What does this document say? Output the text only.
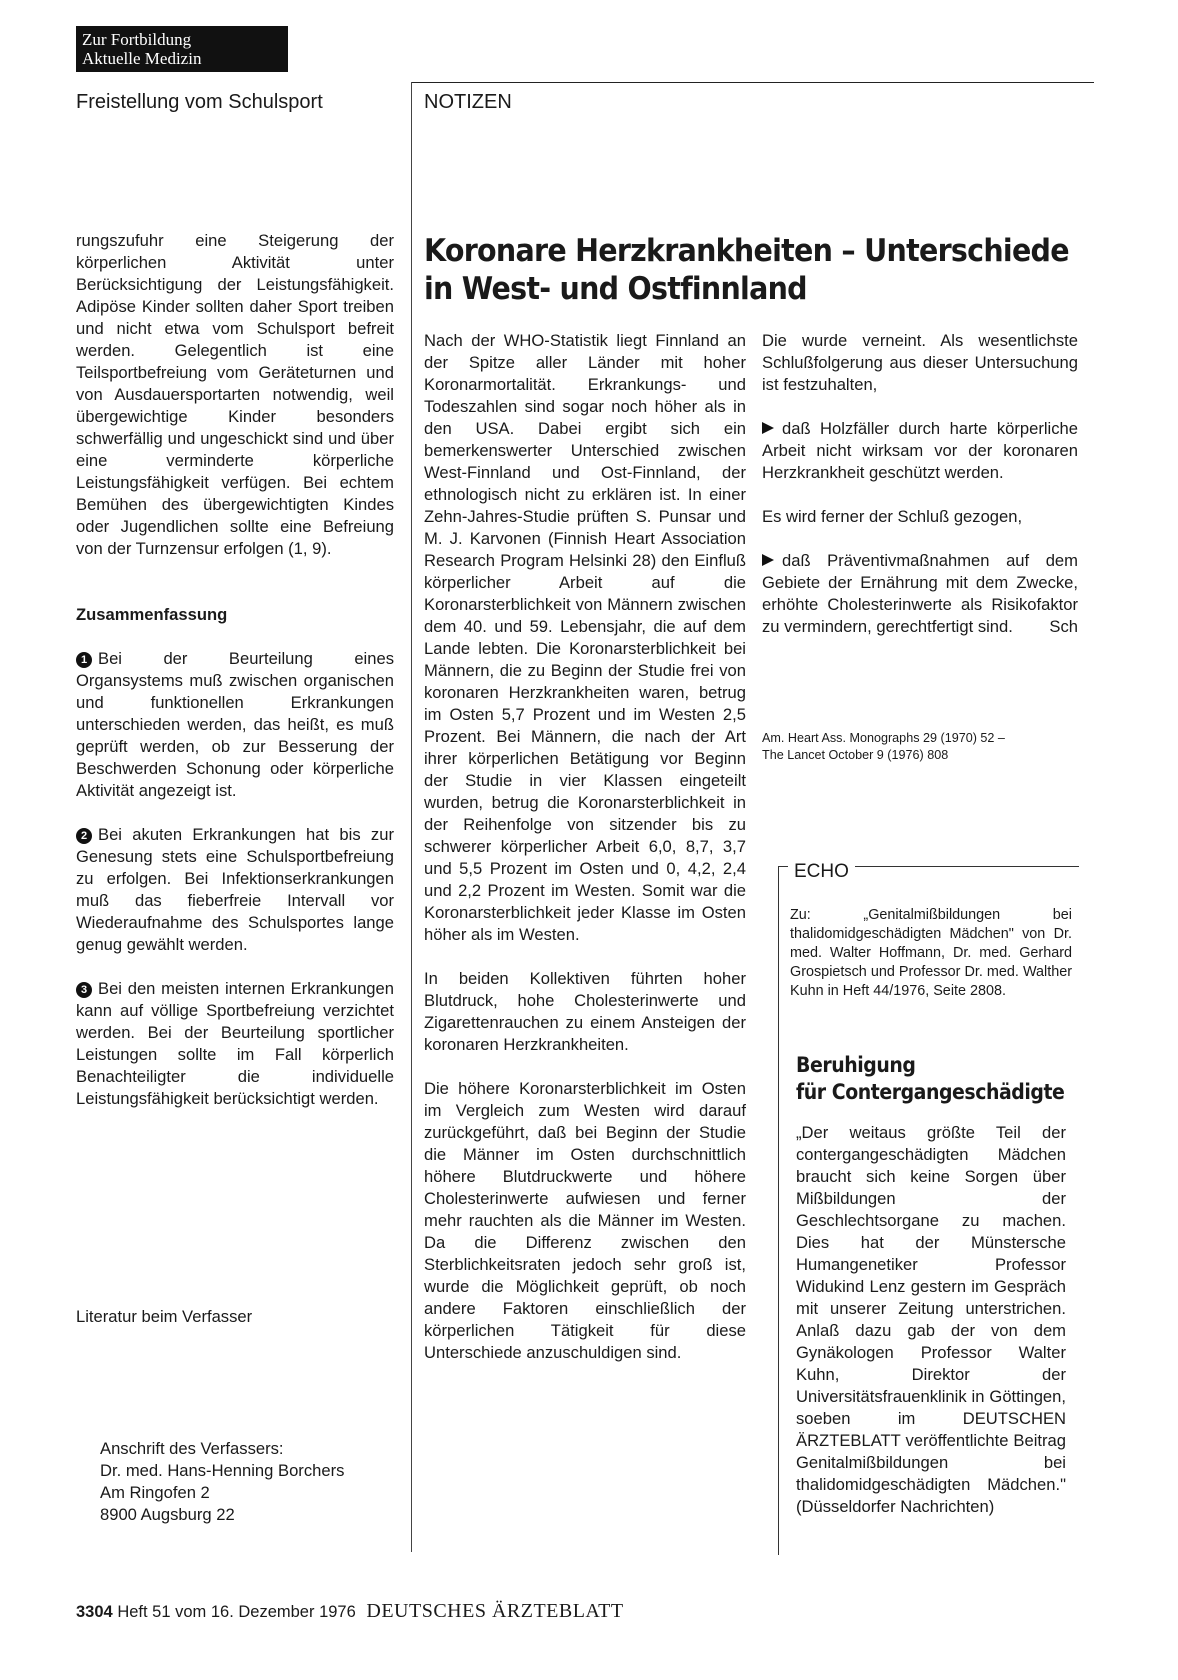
Zur Fortbildung
Aktuelle Medizin
Freistellung vom Schulsport	NOTIZEN

rungszufuhr eine Steigerung der körperlichen Aktivität unter Berücksichtigung der Leistungsfähigkeit. Adipöse Kinder sollten daher Sport treiben und nicht etwa vom Schulsport befreit werden. Gelegentlich ist eine Teilsportbefreiung vom Geräteturnen und von Ausdauersportarten notwendig, weil übergewichtige Kinder besonders schwerfällig und ungeschickt sind und über eine verminderte körperliche Leistungsfähigkeit verfügen. Bei echtem Bemühen des übergewichtigten Kindes oder Jugendlichen sollte eine Befreiung von der Turnzensur erfolgen (1, 9).

Zusammenfassung

1 Bei der Beurteilung eines Organsystems muß zwischen organischen und funktionellen Erkrankungen unterschieden werden, das heißt, es muß geprüft werden, ob zur Besserung der Beschwerden Schonung oder körperliche Aktivität angezeigt ist.

2 Bei akuten Erkrankungen hat bis zur Genesung stets eine Schulsportbefreiung zu erfolgen. Bei Infektionserkrankungen muß das fieberfreie Intervall vor Wiederaufnahme des Schulsportes lange genug gewählt werden.

3 Bei den meisten internen Erkrankungen kann auf völlige Sportbefreiung verzichtet werden. Bei der Beurteilung sportlicher Leistungen sollte im Fall körperlich Benachteiligter die individuelle Leistungsfähigkeit berücksichtigt werden.

Literatur beim Verfasser

Anschrift des Verfassers:

Dr. med. Hans-Henning Borchers

Am Ringofen 2

8900 Augsburg 22

Koronare Herzkrankheiten – Unterschiede
in West- und Ostfinnland

Nach der WHO-Statistik liegt Finnland an der Spitze aller Länder mit hoher Koronarmortalität. Erkrankungs- und Todeszahlen sind sogar noch höher als in den USA. Dabei ergibt sich ein bemerkenswerter Unterschied zwischen West-Finnland und Ost-Finnland, der ethnologisch nicht zu erklären ist. In einer Zehn-Jahres-Studie prüften S. Punsar und M. J. Karvonen (Finnish Heart Association Research Program Helsinki 28) den Einfluß körperlicher Arbeit auf die Koronarsterblichkeit von Männern zwischen dem 40. und 59. Lebensjahr, die auf dem Lande lebten. Die Koronarsterblichkeit bei Männern, die zu Beginn der Studie frei von koronaren Herzkrankheiten waren, betrug im Osten 5,7 Prozent und im Westen 2,5 Prozent. Bei Männern, die nach der Art ihrer körperlichen Betätigung vor Beginn der Studie in vier Klassen eingeteilt wurden, betrug die Koronarsterblichkeit in der Reihenfolge von sitzender bis zu schwerer körperlicher Arbeit 6,0, 8,7, 3,7 und 5,5 Prozent im Osten und 0, 4,2, 2,4 und 2,2 Prozent im Westen. Somit war die Koronarsterblichkeit jeder Klasse im Osten höher als im Westen.

In beiden Kollektiven führten hoher Blutdruck, hohe Cholesterinwerte und Zigarettenrauchen zu einem Ansteigen der koronaren Herzkrankheiten.

Die höhere Koronarsterblichkeit im Osten im Vergleich zum Westen wird darauf zurückgeführt, daß bei Beginn der Studie die Männer im Osten durchschnittlich höhere Blutdruckwerte und höhere Cholesterinwerte aufwiesen und ferner mehr rauchten als die Männer im Westen. Da die Differenz zwischen den Sterblichkeitsraten jedoch sehr groß ist, wurde die Möglichkeit geprüft, ob noch andere Faktoren einschließlich der körperlichen Tätigkeit für diese Unterschiede anzuschuldigen sind.

Die wurde verneint. Als wesentlichste Schlußfolgerung aus dieser Untersuchung ist festzuhalten,

daß Holzfäller durch harte körperliche Arbeit nicht wirksam vor der koronaren Herzkrankheit geschützt werden.

Es wird ferner der Schluß gezogen,

daß Präventivmaßnahmen auf dem Gebiete der Ernährung mit dem Zwecke, erhöhte Cholesterinwerte als Risikofaktor zu vermindern, gerechtfertigt sind. Sch

Am. Heart Ass. Monographs 29 (1970) 52 –
The Lancet October 9 (1976) 808
ECHO
Zu: „Genitalmißbildungen bei thalidomidgeschädigten Mädchen" von Dr. med. Walter Hoffmann, Dr. med. Gerhard Grospietsch und Professor Dr. med. Walther Kuhn in Heft 44/1976, Seite 2808.
Beruhigung
für Contergangeschädigte
„Der weitaus größte Teil der contergangeschädigten Mädchen braucht sich keine Sorgen über Mißbildungen der Geschlechtsorgane zu machen. Dies hat der Münstersche Humangenetiker Professor Widukind Lenz gestern im Gespräch mit unserer Zeitung unterstrichen. Anlaß dazu gab der von dem Gynäkologen Professor Walter Kuhn, Direktor der Universitätsfrauenklinik in Göttingen, soeben im DEUTSCHEN ÄRZTEBLATT veröffentlichte Beitrag Genitalmißbildungen bei thalidomidgeschädigten Mädchen." (Düsseldorfer Nachrichten)
3304 Heft 51 vom 16. Dezember 1976 DEUTSCHES ÄRZTEBLATT
